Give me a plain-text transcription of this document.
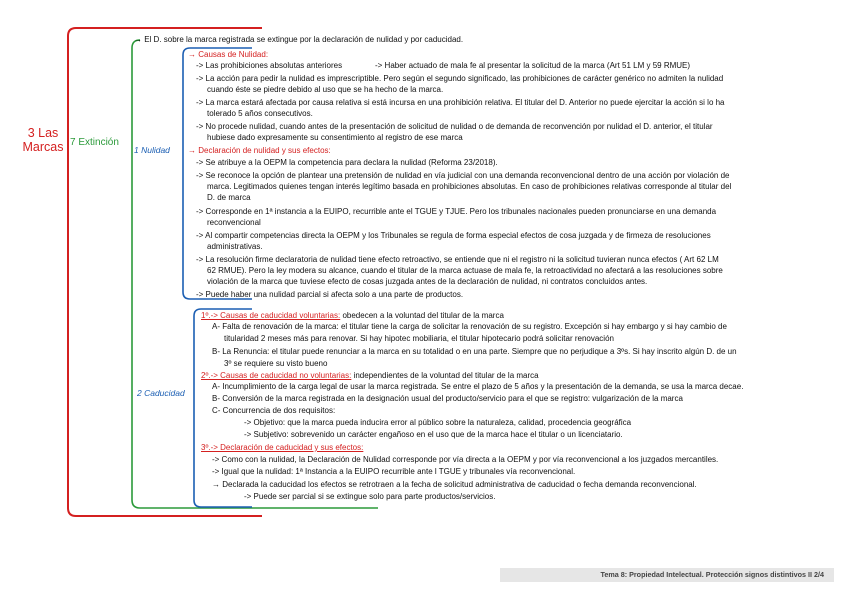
3 Las Marcas 7 Extinción
1 Nulidad
2 Caducidad
→ El D. sobre la marca registrada se extingue por la declaración de nulidad y por caducidad.
→ Causas de Nulidad:
-> Las prohibiciones absolutas anteriores	-> Haber actuado de mala fe al presentar la solicitud de la marca (Art 51 LM y 59 RMUE)
-> La acción para pedir la nulidad es imprescriptible. Pero según el segundo significado, las prohibiciones de carácter genérico no admiten la nulidad
cuando éste se piedre debido al uso que se ha hecho de la marca.
-> La marca estará afectada por causa relativa si está incursa en una prohibición relativa. El titular del D. Anterior no puede ejercitar la acción si lo ha
tolerado 5 años consecutivos.
-> No procede nulidad, cuando antes de la presentación de solicitud de nulidad o de demanda de reconvención por nulidad el D. anterior, el titular
hubiese dado expresamente su consentimiento al registro de ese marca
→ Declaración de nulidad y sus efectos:
-> Se atribuye a la OEPM la competencia para declara la nulidad (Reforma 23/2018).
-> Se reconoce la opción de plantear una pretensión de nulidad en vía judicial con una demanda reconvencional dentro de una acción por violación de
marca. Legitimados quienes tengan interés legítimo basada en prohibiciones absolutas. En caso de prohibiciones relativas corresponde al titular del
D. de marca
-> Corresponde en 1ª instancia a la EUIPO, recurrible ante el TGUE y TJUE. Pero los tribunales nacionales pueden pronunciarse en una demanda
reconvencional
-> Al compartir competencias directa la OEPM y los Tribunales se regula de forma especial efectos de cosa juzgada y de firmeza de resoluciones
administrativas.
-> La resolución firme declaratoria de nulidad tiene efecto retroactivo, se entiende que ni el registro ni la solicitud tuvieran nunca efectos ( Art 62 LM
62 RMUE). Pero la ley modera su alcance, cuando el titular de la marca actuase de mala fe, la retroactividad no afectará a las resoluciones sobre
violación de la marca que tuviese efecto de cosas juzgada antes de la declaración de nulidad, ni contratos concluidos antes.
-> Puede haber una nulidad parcial si afecta solo a una parte de productos.
1º.-> Causas de caducidad voluntarias: obedecen a la voluntad del titular de la marca
A- Falta de renovación de la marca: el titular tiene la carga de solicitar la renovación de su registro. Excepción si hay embargo y si hay cambio de
titularidad 2 meses más para renovar. Si hay hipotec mobiliaria, el titular hipotecario podrá solicitar renovación
B- La Renuncia: el titular puede renunciar a la marca en su totalidad o en una parte. Siempre que no perjudique a 3ºs. Si hay inscrito algún D. de un
3º se requiere su visto bueno
2º.-> Causas de caducidad no voluntarias: independientes de la voluntad del titular de la marca
A- Incumplimiento de la carga legal de usar la marca registrada. Se entre el plazo de 5 años y la presentación de la demanda, se usa la marca decae.
B- Conversión de la marca registrada en la designación usual del producto/servicio para el que se registro: vulgarización de la marca
C- Concurrencia de dos requisitos:
-> Objetivo: que la marca pueda inducira error al público sobre la naturaleza, calidad, procedencia geográfica
-> Subjetivo: sobrevenido un carácter engañoso en el uso que de la marca hace el titular o un licenciatario.
3º.-> Declaración de caducidad y sus efectos:
-> Como con la nulidad, la Declaración de Nulidad corresponde por vía directa a la OEPM y por vía reconvencional a los juzgados mercantiles.
-> Igual que la nulidad: 1ª Instancia a la EUIPO recurrible ante l TGUE y tribunales vía reconvencional.
→ Declarada la caducidad los efectos se retrotraen a la fecha de solicitud administrativa de caducidad o fecha demanda reconvencional.
-> Puede ser parcial si se extingue solo para parte productos/servicios.
Tema 8: Propiedad Intelectual. Protección signos distintivos II 2/4
